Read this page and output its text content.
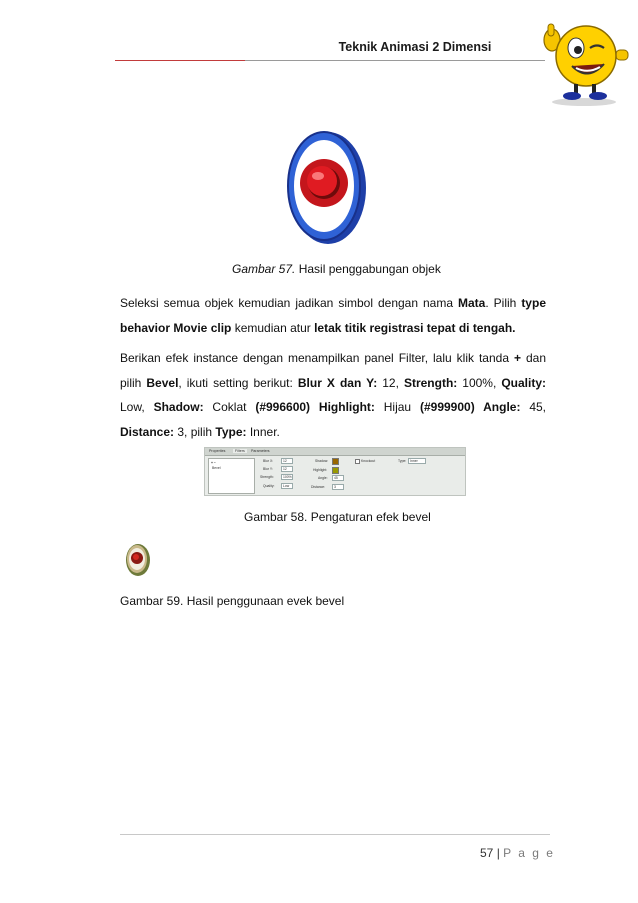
Teknik Animasi 2 Dimensi
Gambar 57. Hasil penggabungan objek

Seleksi semua objek kemudian jadikan simbol dengan nama Mata. Pilih type behavior Movie clip kemudian atur letak titik registrasi tepat di tengah.

Berikan efek instance dengan menampilkan panel Filter, lalu klik tanda + dan pilih Bevel, ikuti setting berikut: Blur X dan Y: 12, Strength: 100%, Quality: Low, Shadow: Coklat (#996600) Highlight: Hijau (#999900) Angle: 45, Distance: 3, pilih Type: Inner.

Properties	Filters	Parameters
+ −
Bevel
Blur X:	12
Blur Y:	12
Strength:	100%
Quality:	Low
Shadow:
Highlight:
Angle: 45
Distance:	3
Knockout	Type: Inner
Gambar 58. Pengaturan efek bevel
Gambar 59. Hasil penggunaan evek bevel
57 | P a g e
